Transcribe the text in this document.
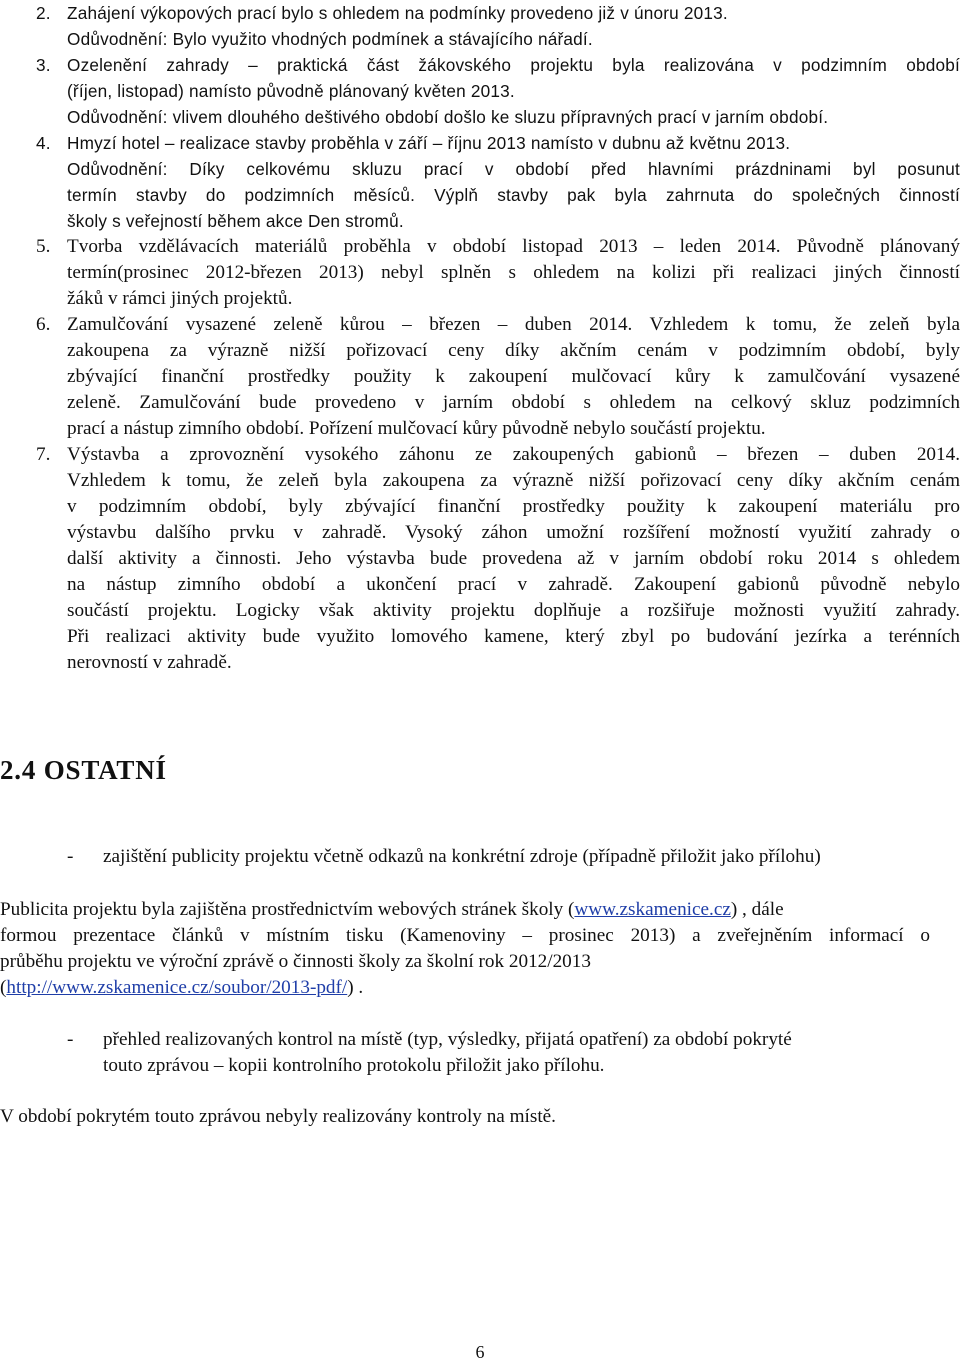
2. Zahájení výkopových prací bylo s ohledem na podmínky provedeno již v únoru 2013.
Odůvodnění: Bylo využito vhodných podmínek a stávajícího nářadí.
3. Ozelenění zahrady – praktická část žákovského projektu byla realizována v podzimním období
(říjen, listopad) namísto původně plánovaný květen 2013.
Odůvodnění: vlivem dlouhého deštivého období došlo ke sluzu přípravných prací v jarním období.
4. Hmyzí hotel – realizace stavby proběhla v září – říjnu 2013 namísto v dubnu až květnu 2013.
Odůvodnění: Díky celkovému skluzu prací v období před hlavními prázdninami byl posunut
termín stavby do podzimních měsíců. Výplň stavby pak byla zahrnuta do společných činností
školy s veřejností během akce Den stromů.
5. Tvorba vzdělávacích materiálů proběhla v období listopad 2013 – leden 2014. Původně plánovaný
termín(prosinec 2012-březen 2013) nebyl splněn s ohledem na kolizi při realizaci jiných činností
žáků v rámci jiných projektů.
6. Zamulčování vysazené zeleně kůrou – březen – duben 2014. Vzhledem k tomu, že zeleň byla
zakoupena za výrazně nižší pořizovací ceny díky akčním cenám v podzimním období, byly
zbývající finanční prostředky použity k zakoupení mulčovací kůry k zamulčování vysazené
zeleně. Zamulčování bude provedeno v jarním období s ohledem na celkový skluz podzimních
prací a nástup zimního období. Pořízení mulčovací kůry původně nebylo součástí projektu.
7. Výstavba a zprovoznění vysokého záhonu ze zakoupených gabionů – březen – duben 2014.
Vzhledem k tomu, že zeleň byla zakoupena za výrazně nižší pořizovací ceny díky akčním cenám
v podzimním období, byly zbývající finanční prostředky použity k zakoupení materiálu pro
výstavbu dalšího prvku v zahradě. Vysoký záhon umožní rozšíření možností využití zahrady o
další aktivity a činnosti. Jeho výstavba bude provedena až v jarním období roku 2014 s ohledem
na nástup zimního období a ukončení prací v zahradě. Zakoupení gabionů původně nebylo
součástí projektu. Logicky však aktivity projektu doplňuje a rozšiřuje možnosti využití zahrady.
Při realizaci aktivity bude využito lomového kamene, který zbyl po budování jezírka a terénních
nerovností v zahradě.
2.4 OSTATNÍ
- zajištění publicity projektu včetně odkazů na konkrétní zdroje (případně přiložit jako přílohu)
Publicita projektu byla zajištěna prostřednictvím webových stránek školy (www.zskamenice.cz) , dále
formou prezentace článků v místním tisku (Kamenoviny – prosinec 2013) a zveřejněním informací o
průběhu projektu ve výroční zprávě o činnosti školy za školní rok 2012/2013
(http://www.zskamenice.cz/soubor/2013-pdf/) .
- přehled realizovaných kontrol na místě (typ, výsledky, přijatá opatření) za období pokryté
touto zprávou – kopii kontrolního protokolu přiložit jako přílohu.
V období pokrytém touto zprávou nebyly realizovány kontroly na místě.
6
